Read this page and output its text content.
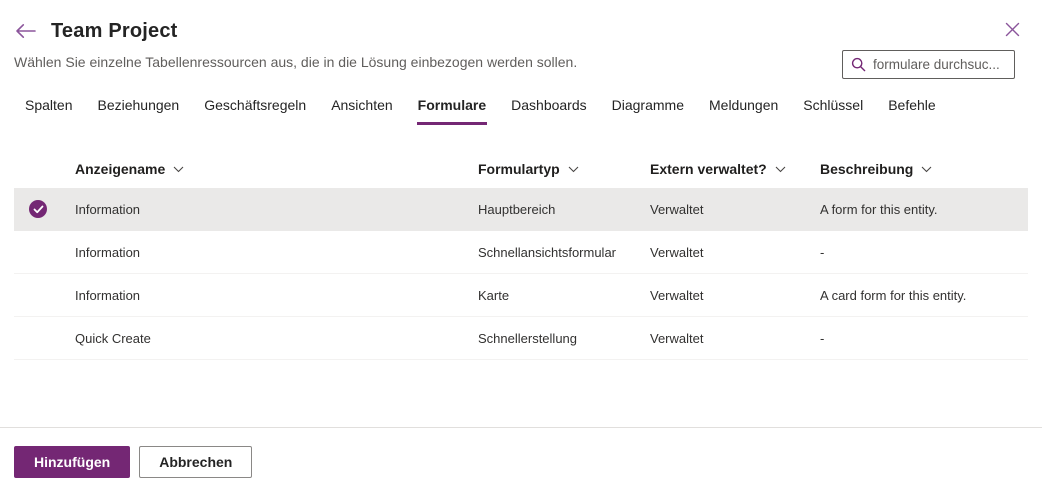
Team Project
Wählen Sie einzelne Tabellenressourcen aus, die in die Lösung einbezogen werden sollen.
formulare durchsuc...
Spalten Beziehungen Geschäftsregeln Ansichten Formulare Dashboards Diagramme Meldungen Schlüssel Befehle
Anzeigename	Formulartyp	Extern verwaltet?	Beschreibung
Information	Hauptbereich	Verwaltet	A form for this entity.
Information	Schnellansichtsformular	Verwaltet	-
Information	Karte	Verwaltet	A card form for this entity.
Quick Create	Schnellerstellung	Verwaltet	-
Hinzufügen	Abbrechen
